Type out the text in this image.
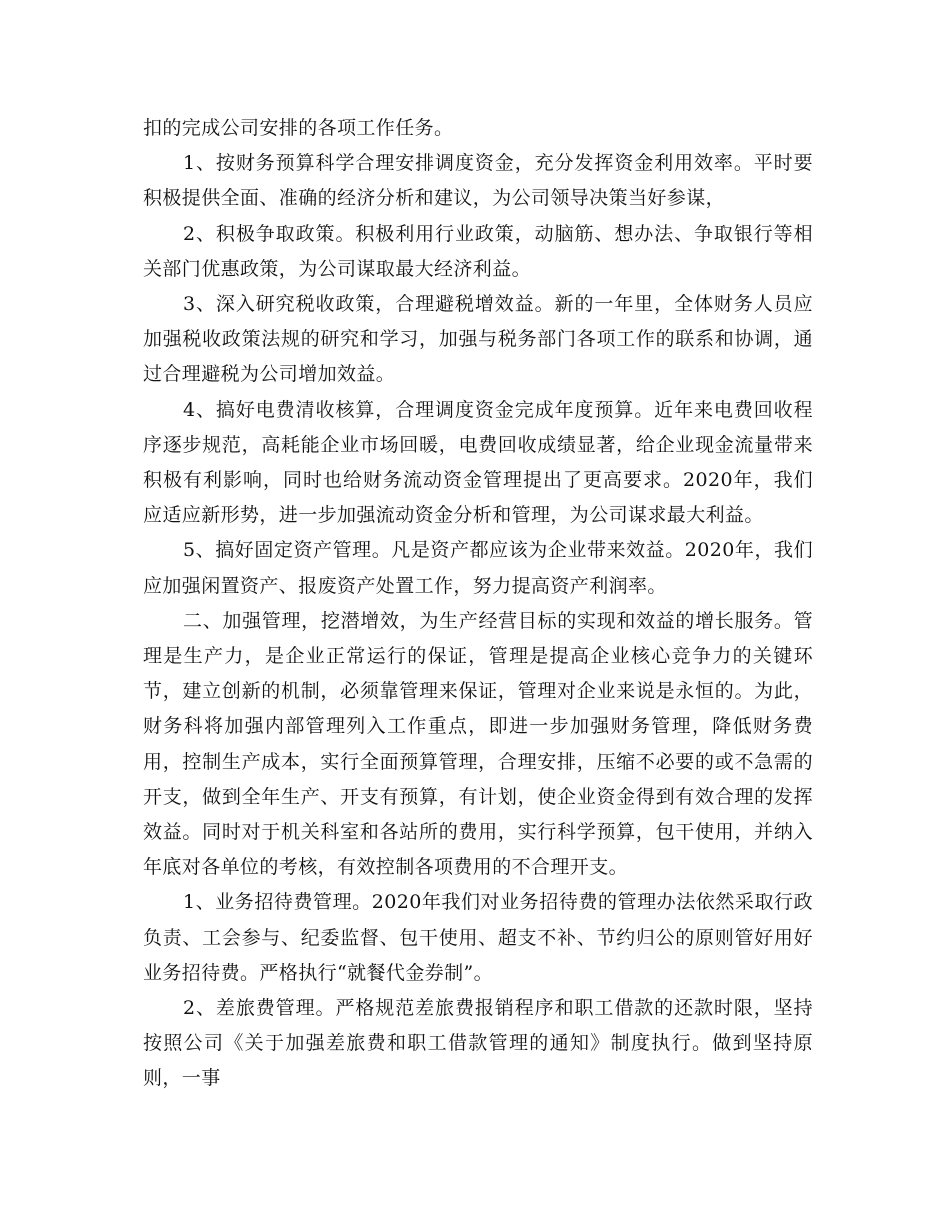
扣的完成公司安排的各项工作任务。

1、按财务预算科学合理安排调度资金，充分发挥资金利用效率。平时要积极提供全面、准确的经济分析和建议，为公司领导决策当好参谋，

2、积极争取政策。积极利用行业政策，动脑筋、想办法、争取银行等相关部门优惠政策，为公司谋取最大经济利益。

3、深入研究税收政策，合理避税增效益。新的一年里，全体财务人员应加强税收政策法规的研究和学习，加强与税务部门各项工作的联系和协调，通过合理避税为公司增加效益。

4、搞好电费清收核算，合理调度资金完成年度预算。近年来电费回收程序逐步规范，高耗能企业市场回暖，电费回收成绩显著，给企业现金流量带来积极有利影响，同时也给财务流动资金管理提出了更高要求。2020年，我们应适应新形势，进一步加强流动资金分析和管理，为公司谋求最大利益。

5、搞好固定资产管理。凡是资产都应该为企业带来效益。2020年，我们应加强闲置资产、报废资产处置工作，努力提高资产利润率。

二、加强管理，挖潜增效，为生产经营目标的实现和效益的增长服务。管理是生产力，是企业正常运行的保证，管理是提高企业核心竞争力的关键环节，建立创新的机制，必须靠管理来保证，管理对企业来说是永恒的。为此，财务科将加强内部管理列入工作重点，即进一步加强财务管理，降低财务费用，控制生产成本，实行全面预算管理，合理安排，压缩不必要的或不急需的开支，做到全年生产、开支有预算，有计划，使企业资金得到有效合理的发挥效益。同时对于机关科室和各站所的费用，实行科学预算，包干使用，并纳入年底对各单位的考核，有效控制各项费用的不合理开支。

1、业务招待费管理。2020年我们对业务招待费的管理办法依然采取行政负责、工会参与、纪委监督、包干使用、超支不补、节约归公的原则管好用好业务招待费。严格执行“就餐代金券制”。

2、差旅费管理。严格规范差旅费报销程序和职工借款的还款时限，坚持按照公司《关于加强差旅费和职工借款管理的通知》制度执行。做到坚持原则，一事
